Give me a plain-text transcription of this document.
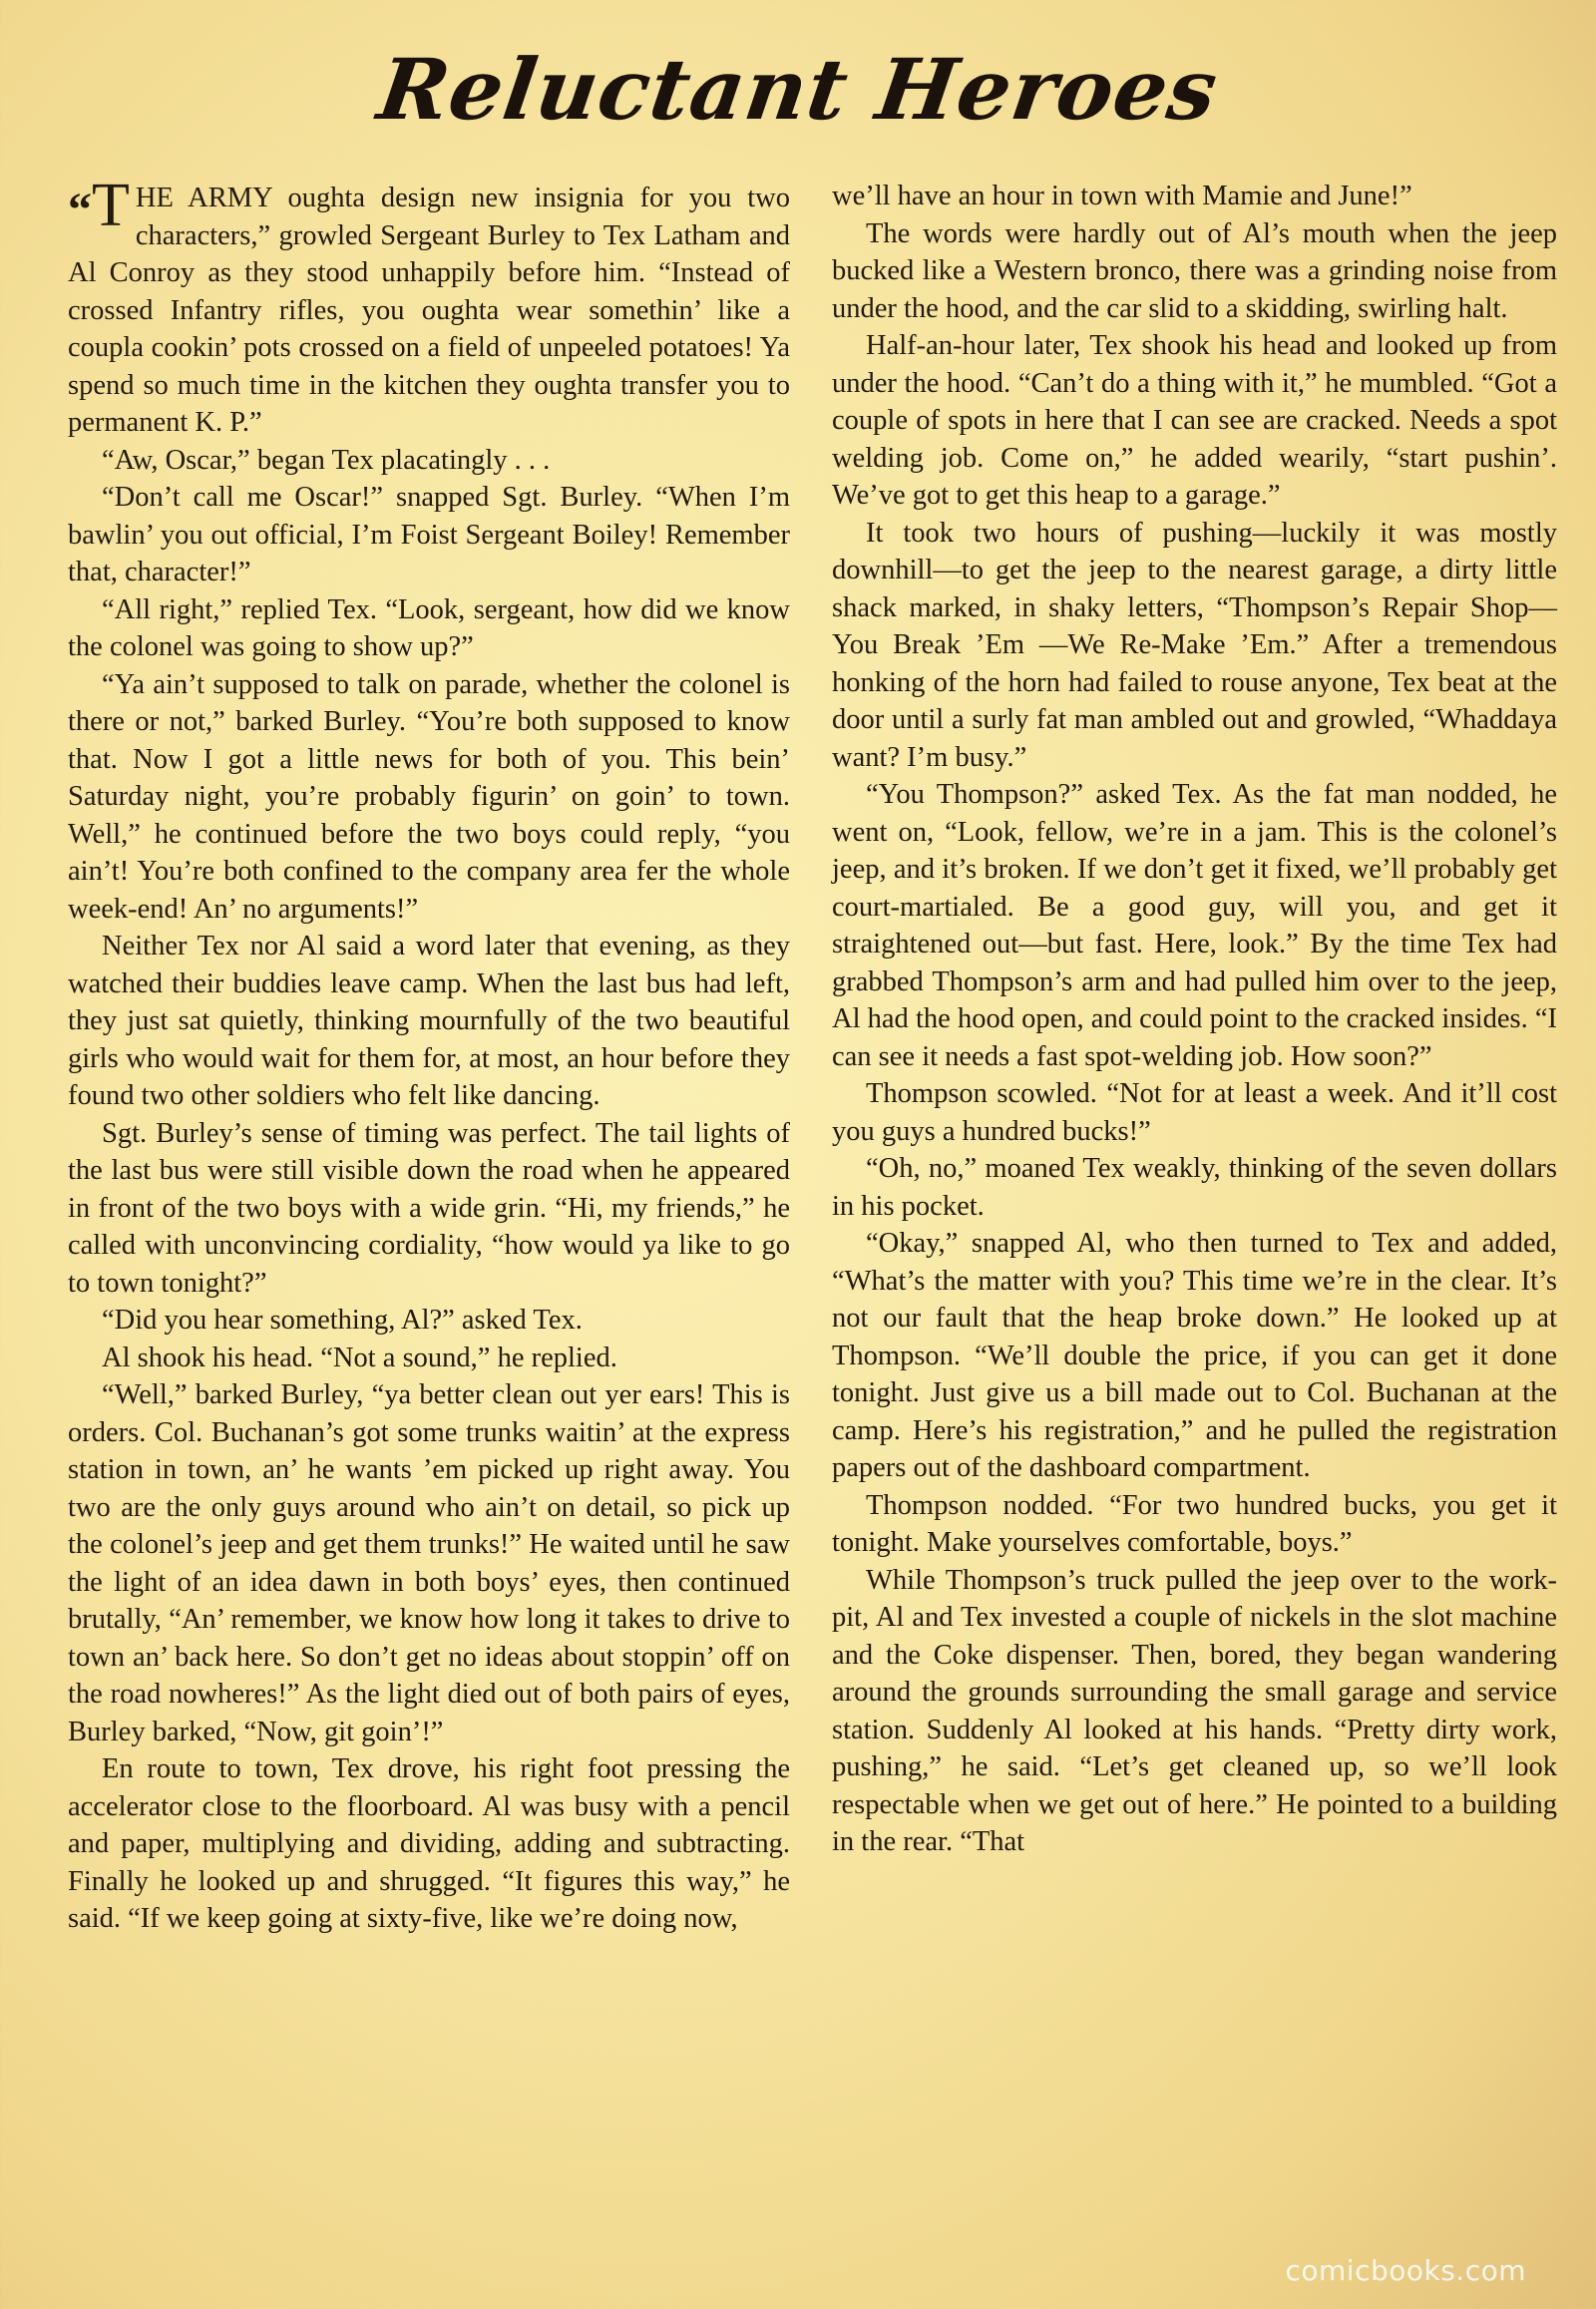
Reluctant Heroes

“T HE ARMY oughta design new insignia for you two characters,” growled Sergeant Burley to Tex Latham and Al Conroy as they stood unhappily before him. “Instead of crossed Infantry rifles, you oughta wear somethin’ like a coupla cookin’ pots crossed on a field of unpeeled potatoes! Ya spend so much time in the kitchen they oughta transfer you to permanent K. P.”

“Aw, Oscar,” began Tex placatingly . . .

“Don’t call me Oscar!” snapped Sgt. Burley. “When I’m bawlin’ you out official, I’m Foist Sergeant Boiley! Remember that, character!”

“All right,” replied Tex. “Look, sergeant, how did we know the colonel was going to show up?”

“Ya ain’t supposed to talk on parade, whether the colonel is there or not,” barked Burley. “You’re both supposed to know that. Now I got a little news for both of you. This bein’ Saturday night, you’re probably figurin’ on goin’ to town. Well,” he continued before the two boys could reply, “you ain’t! You’re both confined to the company area fer the whole week-end! An’ no arguments!”

Neither Tex nor Al said a word later that evening, as they watched their buddies leave camp. When the last bus had left, they just sat quietly, thinking mournfully of the two beautiful girls who would wait for them for, at most, an hour before they found two other soldiers who felt like dancing.

Sgt. Burley’s sense of timing was perfect. The tail lights of the last bus were still visible down the road when he appeared in front of the two boys with a wide grin. “Hi, my friends,” he called with unconvincing cordiality, “how would ya like to go to town tonight?”

“Did you hear something, Al?” asked Tex.

Al shook his head. “Not a sound,” he replied.

“Well,” barked Burley, “ya better clean out yer ears! This is orders. Col. Buchanan’s got some trunks waitin’ at the express station in town, an’ he wants ’em picked up right away. You two are the only guys around who ain’t on detail, so pick up the colonel’s jeep and get them trunks!” He waited until he saw the light of an idea dawn in both boys’ eyes, then continued brutally, “An’ remember, we know how long it takes to drive to town an’ back here. So don’t get no ideas about stoppin’ off on the road nowheres!” As the light died out of both pairs of eyes, Burley barked, “Now, git goin’!”

En route to town, Tex drove, his right foot pressing the accelerator close to the floorboard. Al was busy with a pencil and paper, multiplying and dividing, adding and subtracting. Finally he looked up and shrugged. “It figures this way,” he said. “If we keep going at sixty-five, like we’re doing now,

we’ll have an hour in town with Mamie and June!”

The words were hardly out of Al’s mouth when the jeep bucked like a Western bronco, there was a grinding noise from under the hood, and the car slid to a skidding, swirling halt.

Half-an-hour later, Tex shook his head and looked up from under the hood. “Can’t do a thing with it,” he mumbled. “Got a couple of spots in here that I can see are cracked. Needs a spot welding job. Come on,” he added wearily, “start pushin’. We’ve got to get this heap to a garage.”

It took two hours of pushing—luckily it was mostly downhill—to get the jeep to the nearest garage, a dirty little shack marked, in shaky letters, “Thompson’s Repair Shop—You Break ’Em —We Re-Make ’Em.” After a tremendous honking of the horn had failed to rouse anyone, Tex beat at the door until a surly fat man ambled out and growled, “Whaddaya want? I’m busy.”

“You Thompson?” asked Tex. As the fat man nodded, he went on, “Look, fellow, we’re in a jam. This is the colonel’s jeep, and it’s broken. If we don’t get it fixed, we’ll probably get court-martialed. Be a good guy, will you, and get it straightened out—but fast. Here, look.” By the time Tex had grabbed Thompson’s arm and had pulled him over to the jeep, Al had the hood open, and could point to the cracked insides. “I can see it needs a fast spot-welding job. How soon?”

Thompson scowled. “Not for at least a week. And it’ll cost you guys a hundred bucks!”

“Oh, no,” moaned Tex weakly, thinking of the seven dollars in his pocket.

“Okay,” snapped Al, who then turned to Tex and added, “What’s the matter with you? This time we’re in the clear. It’s not our fault that the heap broke down.” He looked up at Thompson. “We’ll double the price, if you can get it done tonight. Just give us a bill made out to Col. Buchanan at the camp. Here’s his registration,” and he pulled the registration papers out of the dashboard compartment.

Thompson nodded. “For two hundred bucks, you get it tonight. Make yourselves comfortable, boys.”

While Thompson’s truck pulled the jeep over to the work-pit, Al and Tex invested a couple of nickels in the slot machine and the Coke dispenser. Then, bored, they began wandering around the grounds surrounding the small garage and service station. Suddenly Al looked at his hands. “Pretty dirty work, pushing,” he said. “Let’s get cleaned up, so we’ll look respectable when we get out of here.” He pointed to a building in the rear. “That

comicbooks.com
